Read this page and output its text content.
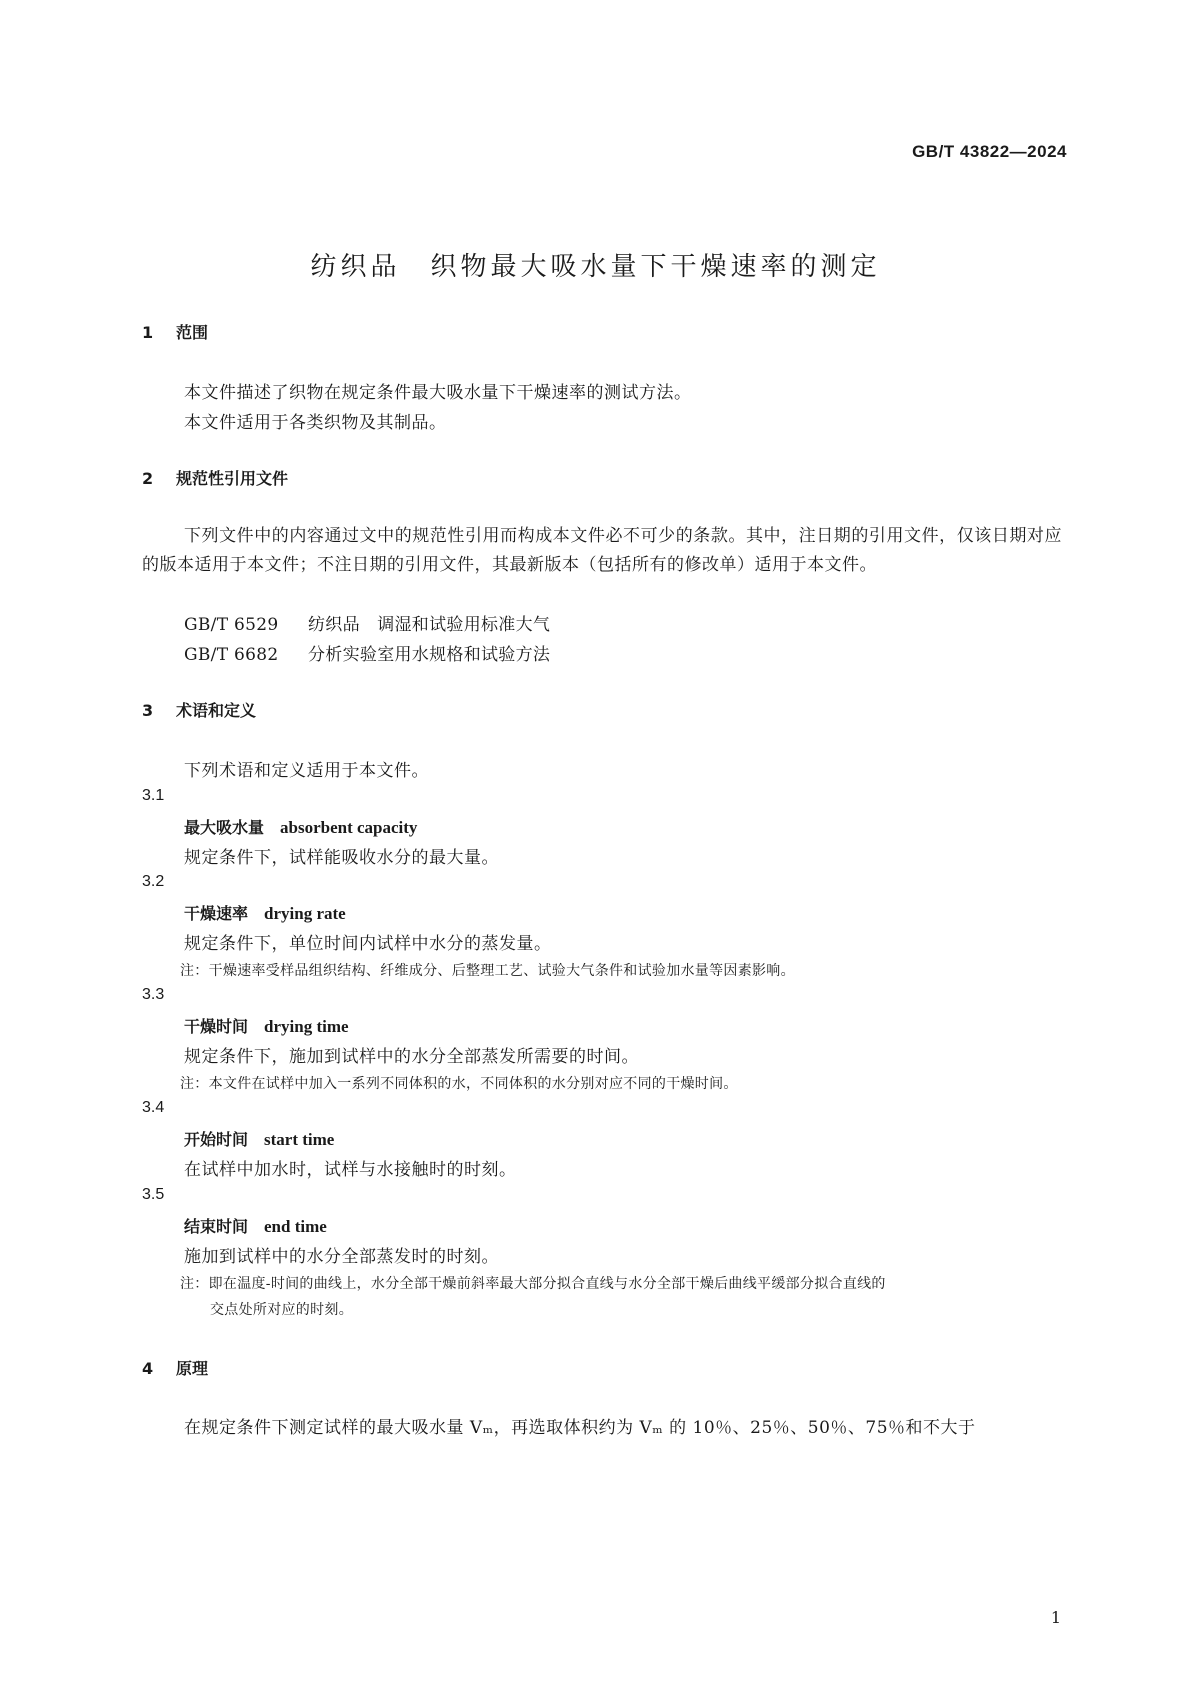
GB/T 43822—2024
纺织品　织物最大吸水量下干燥速率的测定
1 范围
本文件描述了织物在规定条件最大吸水量下干燥速率的测试方法。
本文件适用于各类织物及其制品。
2 规范性引用文件
下列文件中的内容通过文中的规范性引用而构成本文件必不可少的条款。其中，注日期的引用文件，仅该日期对应的版本适用于本文件；不注日期的引用文件，其最新版本（包括所有的修改单）适用于本文件。
GB/T 6529 纺织品　调湿和试验用标准大气
GB/T 6682 分析实验室用水规格和试验方法
3 术语和定义
下列术语和定义适用于本文件。
3.1
最大吸水量 absorbent capacity
规定条件下，试样能吸收水分的最大量。
3.2
干燥速率 drying rate
规定条件下，单位时间内试样中水分的蒸发量。
注：干燥速率受样品组织结构、纤维成分、后整理工艺、试验大气条件和试验加水量等因素影响。
3.3
干燥时间 drying time
规定条件下，施加到试样中的水分全部蒸发所需要的时间。
注：本文件在试样中加入一系列不同体积的水，不同体积的水分别对应不同的干燥时间。
3.4
开始时间 start time
在试样中加水时，试样与水接触时的时刻。
3.5
结束时间 end time
施加到试样中的水分全部蒸发时的时刻。
注：即在温度-时间的曲线上，水分全部干燥前斜率最大部分拟合直线与水分全部干燥后曲线平缓部分拟合直线的
交点处所对应的时刻。
4 原理
在规定条件下测定试样的最大吸水量 Vₘ，再选取体积约为 Vₘ 的 10％、25％、50％、75％和不大于
1
